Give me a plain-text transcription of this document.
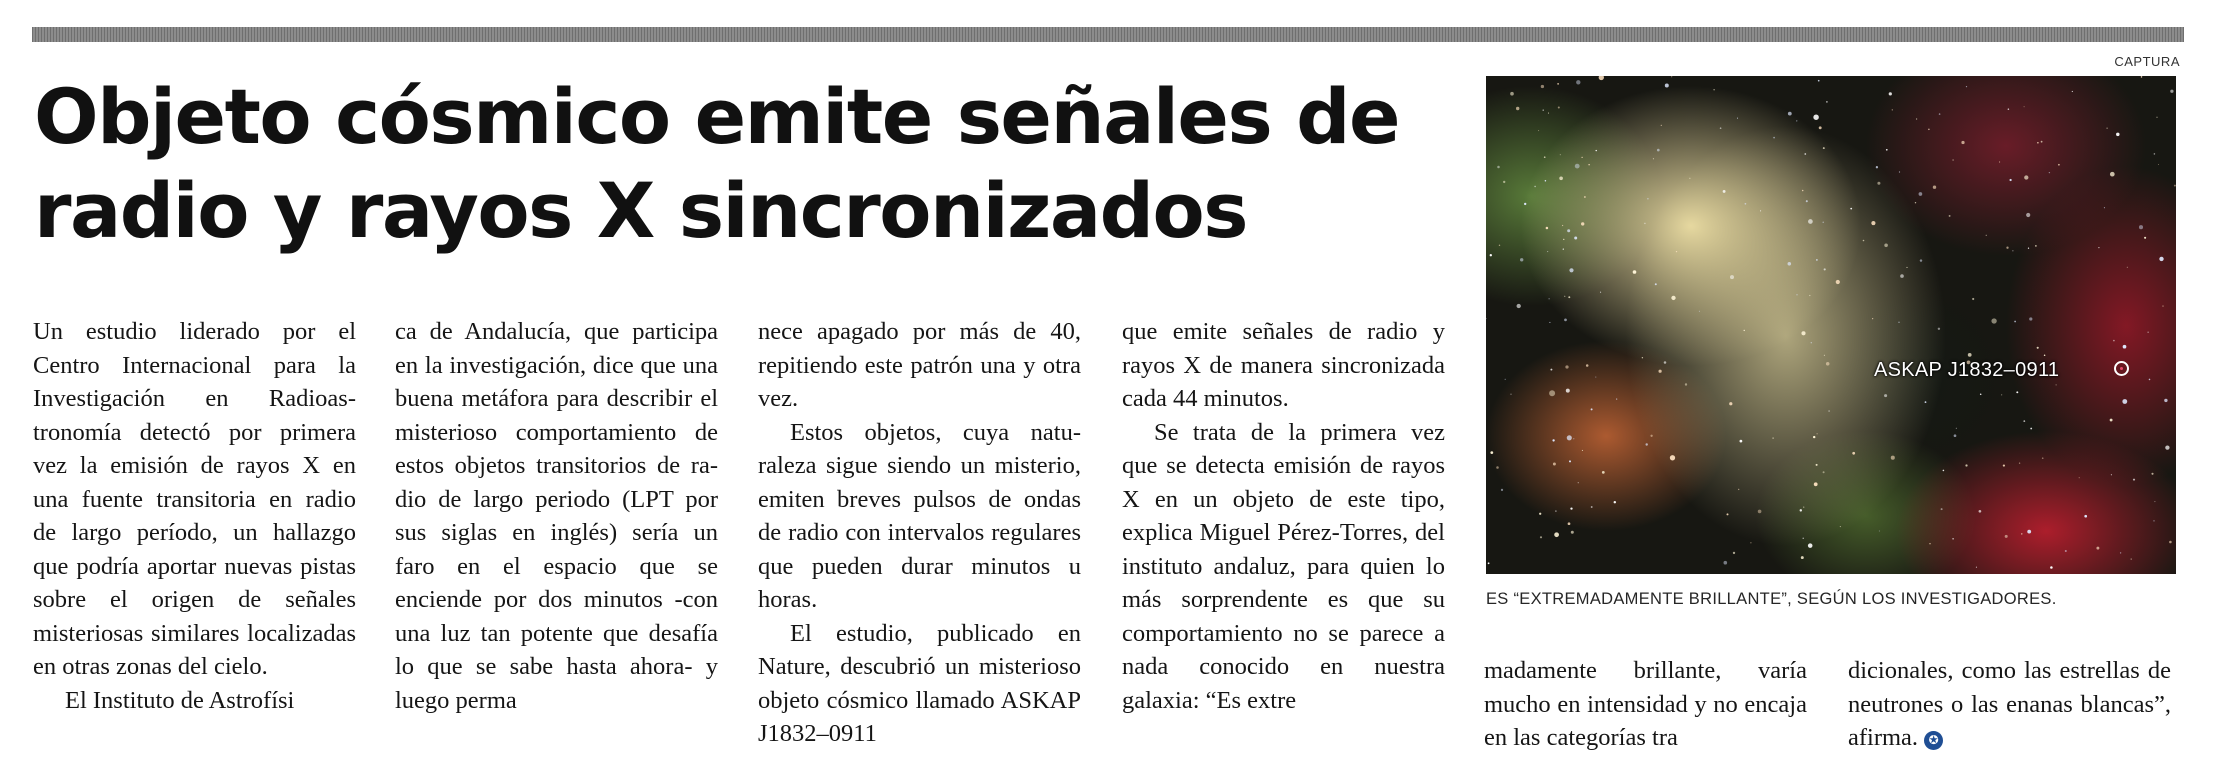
Objeto cósmico emite señales de
radio y rayos X sincronizados

Un estudio liderado por el Centro Internacional para la Investigación en Radioastronomía detectó por primera vez la emisión de rayos X en una fuente transitoria en radio de largo período, un hallazgo que podría aportar nuevas pistas sobre el origen de señales misteriosas similares localizadas en otras zonas del cielo.

El Instituto de Astrofísi

ca de Andalucía, que participa en la investigación, dice que una buena metáfora para describir el misterioso comportamiento de estos objetos transitorios de radio de largo periodo (LPT por sus siglas en inglés) sería un faro en el espacio que se enciende por dos minutos -con una luz tan potente que desafía lo que se sabe hasta ahora- y luego perma

nece apagado por más de 40, repitiendo este patrón una y otra vez.

Estos objetos, cuya naturaleza sigue siendo un misterio, emiten breves pulsos de ondas de radio con intervalos regulares que pueden durar minutos u horas.

El estudio, publicado en Nature, descubrió un misterioso objeto cósmico llamado ASKAP J1832–0911

que emite señales de radio y rayos X de manera sincronizada cada 44 minutos.

Se trata de la primera vez que se detecta emisión de rayos X en un objeto de este tipo, explica Miguel Pérez-Torres, del instituto andaluz, para quien lo más sorprendente es que su comportamiento no se parece a nada conocido en nuestra galaxia: “Es extre

CAPTURA

ASKAP J1832–0911

ES “EXTREMADAMENTE BRILLANTE”, SEGÚN LOS INVESTIGADORES.

madamente brillante, varía mucho en intensidad y no encaja en las categorías tra

dicionales, como las estrellas de neutrones o las enanas blancas”, afirma. ✪
